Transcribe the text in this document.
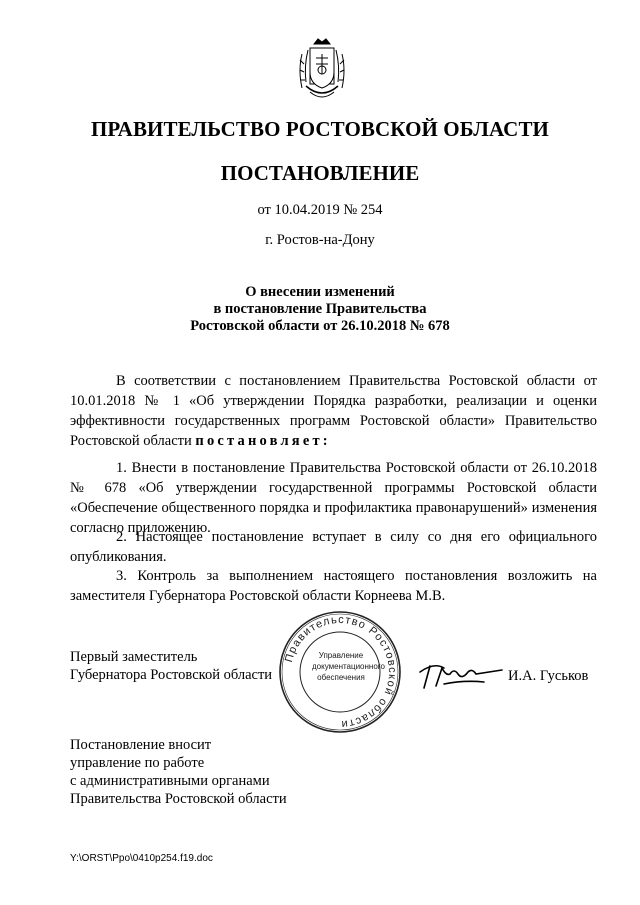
ПРАВИТЕЛЬСТВО РОСТОВСКОЙ ОБЛАСТИ
ПОСТАНОВЛЕНИЕ
от 10.04.2019 № 254
г. Ростов-на-Дону
О внесении изменений
в постановление Правительства
Ростовской области от 26.10.2018 № 678
В соответствии с постановлением Правительства Ростовской области от 10.01.2018 № 1 «Об утверждении Порядка разработки, реализации и оценки эффективности государственных программ Ростовской области» Правительство Ростовской области постановляет:
1. Внести в постановление Правительства Ростовской области от 26.10.2018 № 678 «Об утверждении государственной программы Ростовской области «Обеспечение общественного порядка и профилактика правонарушений» изменения согласно приложению.
2. Настоящее постановление вступает в силу со дня его официального опубликования.
3. Контроль за выполнением настоящего постановления возложить на заместителя Губернатора Ростовской области Корнеева М.В.
Первый заместитель
Губернатора Ростовской области
Правительство Ростовской области
Управление
документационного
обеспечения	И.А. Гуськов
Постановление вносит
управление по работе
с административными органами
Правительства Ростовской области
Y:\ORST\Ppo\0410p254.f19.doc
